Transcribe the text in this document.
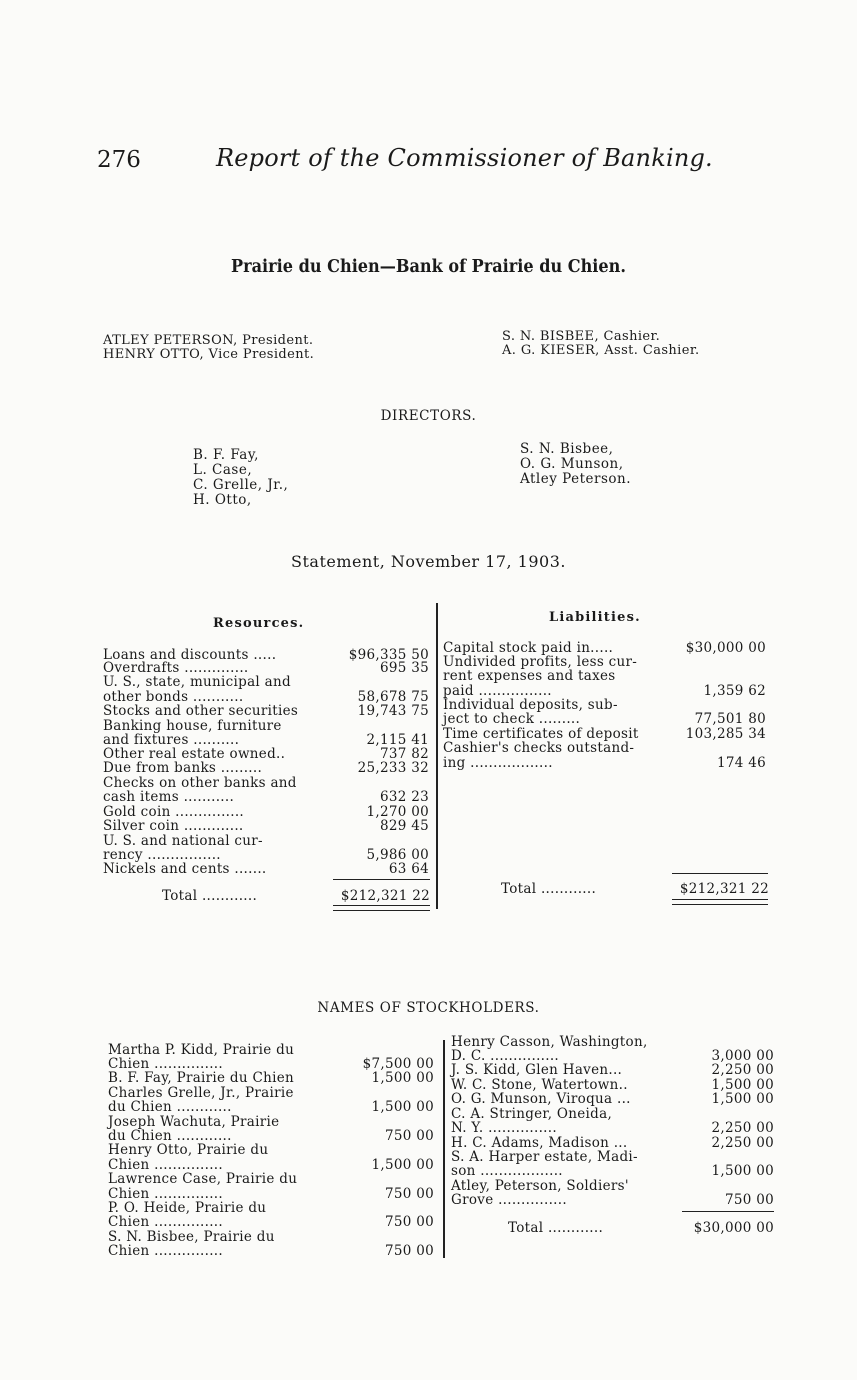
276	Report of the Commissioner of Banking.
Prairie du Chien—Bank of Prairie du Chien.
ATLEY PETERSON, President.
HENRY OTTO, Vice President.
S. N. BISBEE, Cashier.
A. G. KIESER, Asst. Cashier.
DIRECTORS.
B. F. Fay,
L. Case,
C. Grelle, Jr.,
H. Otto,
S. N. Bisbee,
O. G. Munson,
Atley Peterson.
Statement, November 17, 1903.
Resources.	Liabilities.
Loans and discounts .....	$96,335 50
Overdrafts ..............	695 35
U. S., state, municipal and
other bonds ...........	58,678 75
Stocks and other securities	19,743 75
Banking house, furniture
and fixtures ..........	2,115 41
Other real estate owned..	737 82
Due from banks .........	25,233 32
Checks on other banks and
cash items ...........	632 23
Gold coin ...............	1,270 00
Silver coin .............	829 45
U. S. and national cur-
rency ................	5,986 00
Nickels and cents .......	63 64
Total ............	$212,321 22
Capital stock paid in.....	$30,000 00
Undivided profits, less cur-
rent expenses and taxes
paid ................	1,359 62
Individual deposits, sub-
ject to check .........	77,501 80
Time certificates of deposit	103,285 34
Cashier's checks outstand-
ing ..................	174 46
Total ............	$212,321 22
NAMES OF STOCKHOLDERS.
Martha P. Kidd, Prairie du
Chien ...............	$7,500 00
B. F. Fay, Prairie du Chien	1,500 00
Charles Grelle, Jr., Prairie
du Chien ............	1,500 00
Joseph Wachuta, Prairie
du Chien ............	750 00
Henry Otto, Prairie du
Chien ...............	1,500 00
Lawrence Case, Prairie du
Chien ...............	750 00
P. O. Heide, Prairie du
Chien ...............	750 00
S. N. Bisbee, Prairie du
Chien ...............	750 00
Henry Casson, Washington,
D. C. ...............	3,000 00
J. S. Kidd, Glen Haven...	2,250 00
W. C. Stone, Watertown..	1,500 00
O. G. Munson, Viroqua ...	1,500 00
C. A. Stringer, Oneida,
N. Y. ...............	2,250 00
H. C. Adams, Madison ...	2,250 00
S. A. Harper estate, Madi-
son ..................	1,500 00
Atley, Peterson, Soldiers'
Grove ...............	750 00
Total ............	$30,000 00
